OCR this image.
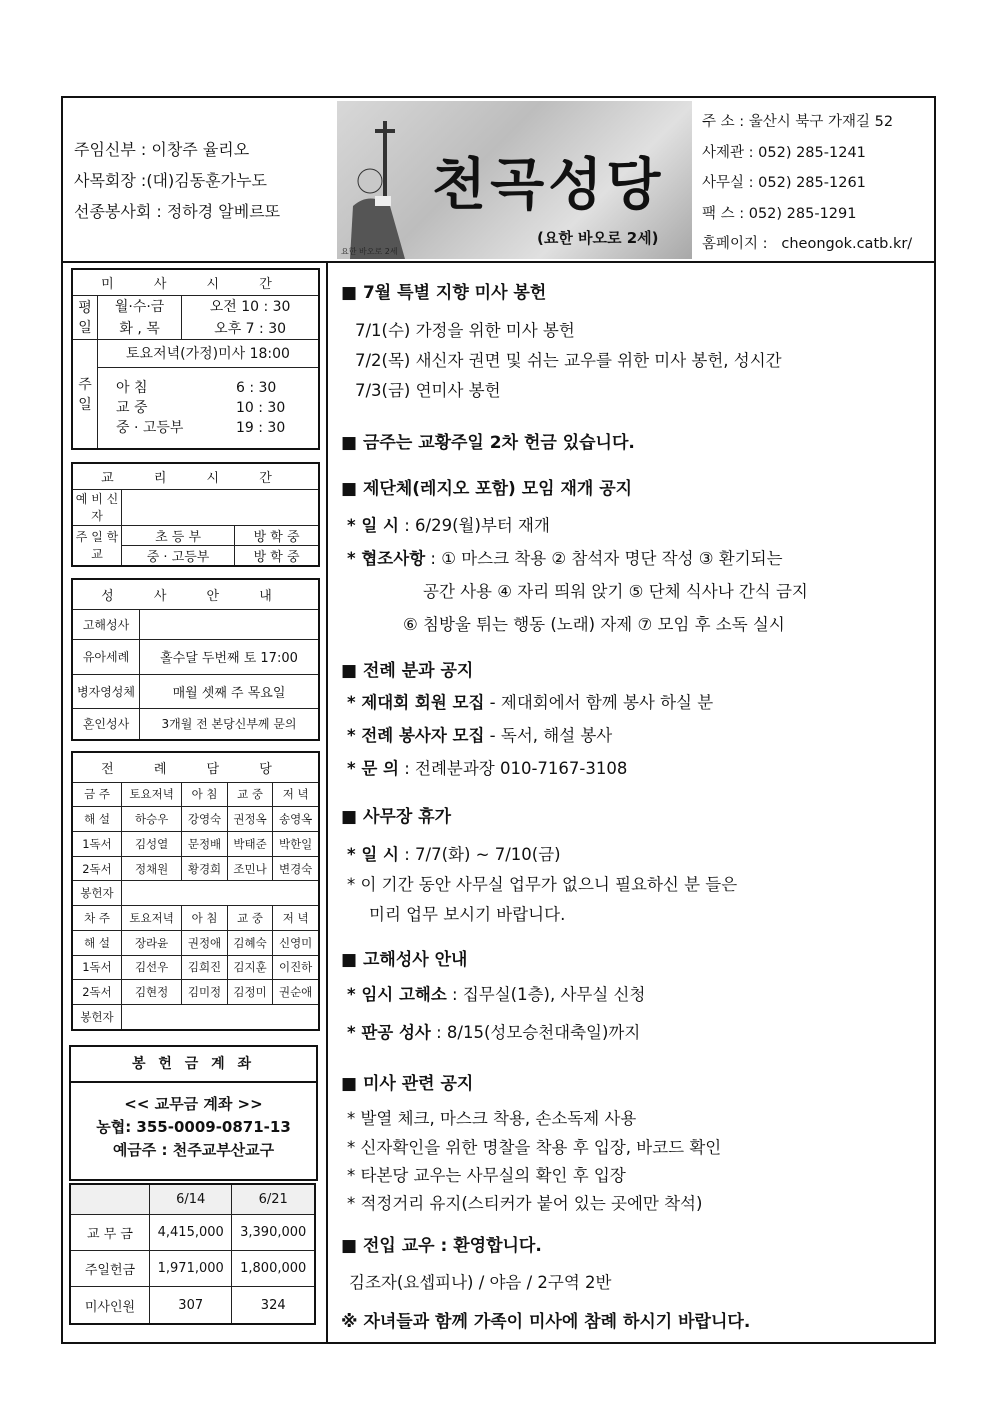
주임신부 : 이창주 율리오
사목회장 :(대)김동훈가누도
선종봉사회 : 정하경 알베르또
요한 바오로 2세
천곡성당
(요한 바오로 2세)
주 소 : 울산시 북구 가재길 52
사제관 : 052) 285-1241
사무실 : 052) 285-1261
팩 스 : 052) 285-1291
홈페이지 :   cheongok.catb.kr/
미 사 시 간		
평일	월·수·금	오전 10 : 30
	화 , 목	오후 7 : 30
주일	토요저녁(가정)미사 18:00	

	아 침 6 : 30
교 중 10 : 30
중 · 고등부 19 : 30	
교 리 시 간		
예 비 신 자		
주 일 학 교	초 등 부	방 학 중
	중 · 고등부	방 학 중
성 사 안 내	
고해성사	
유아세례	홀수달 두번째 토 17:00
병자영성체	매월 셋째 주 목요일
혼인성사	3개월 전 본당신부께 문의
전 례 담 당				
금 주	토요저녁	아 침	교 중	저 녁
해 설	하승우	강영숙	권정옥	송영옥
1독서	김성열	문정배	박태준	박한일
2독서	정채원	황경희	조민나	변경숙
봉헌자				
차 주	토요저녁	아 침	교 중	저 녁
해 설	장라윤	권정애	김혜숙	신영미
1독서	김선우	김희진	김지훈	이진하
2독서	김현정	김미정	김정미	권순애
봉헌자				
봉 헌 금 계 좌
<< 교무금 계좌 >>
농협: 355-0009-0871-13
예금주 : 천주교부산교구
	6/14	6/21
교 무 금	4,415,000	3,390,000
주일헌금	1,971,000	1,800,000
미사인원	307	324
■ 7월 특별 지향 미사 봉헌
7/1(수) 가정을 위한 미사 봉헌
7/2(목) 새신자 권면 및 쉬는 교우를 위한 미사 봉헌, 성시간
7/3(금) 연미사 봉헌
■ 금주는 교황주일 2차 헌금 있습니다.
■ 제단체(레지오 포함) 모임 재개 공지
* 일 시 : 6/29(월)부터 재개
* 협조사항 : ① 마스크 착용 ② 참석자 명단 작성 ③ 환기되는
공간 사용 ④ 자리 띄워 앉기 ⑤ 단체 식사나 간식 금지
⑥ 침방울 튀는 행동 (노래) 자제 ⑦ 모임 후 소독 실시
■ 전례 분과 공지
* 제대회 회원 모집 - 제대회에서 함께 봉사 하실 분
* 전례 봉사자 모집 - 독서, 해설 봉사
* 문 의 : 전례분과장 010-7167-3108
■ 사무장 휴가
* 일 시 : 7/7(화) ~ 7/10(금)
* 이 기간 동안 사무실 업무가 없으니 필요하신 분 들은
미리 업무 보시기 바랍니다.
■ 고해성사 안내
* 임시 고해소 : 집무실(1층), 사무실 신청
* 판공 성사 : 8/15(성모승천대축일)까지
■ 미사 관련 공지
* 발열 체크, 마스크 착용, 손소독제 사용
* 신자확인을 위한 명찰을 착용 후 입장, 바코드 확인
* 타본당 교우는 사무실의 확인 후 입장
* 적정거리 유지(스티커가 붙어 있는 곳에만 착석)
■ 전입 교우 : 환영합니다.
김조자(요셉피나) / 야음 / 2구역 2반
※ 자녀들과 함께 가족이 미사에 참례 하시기 바랍니다.
